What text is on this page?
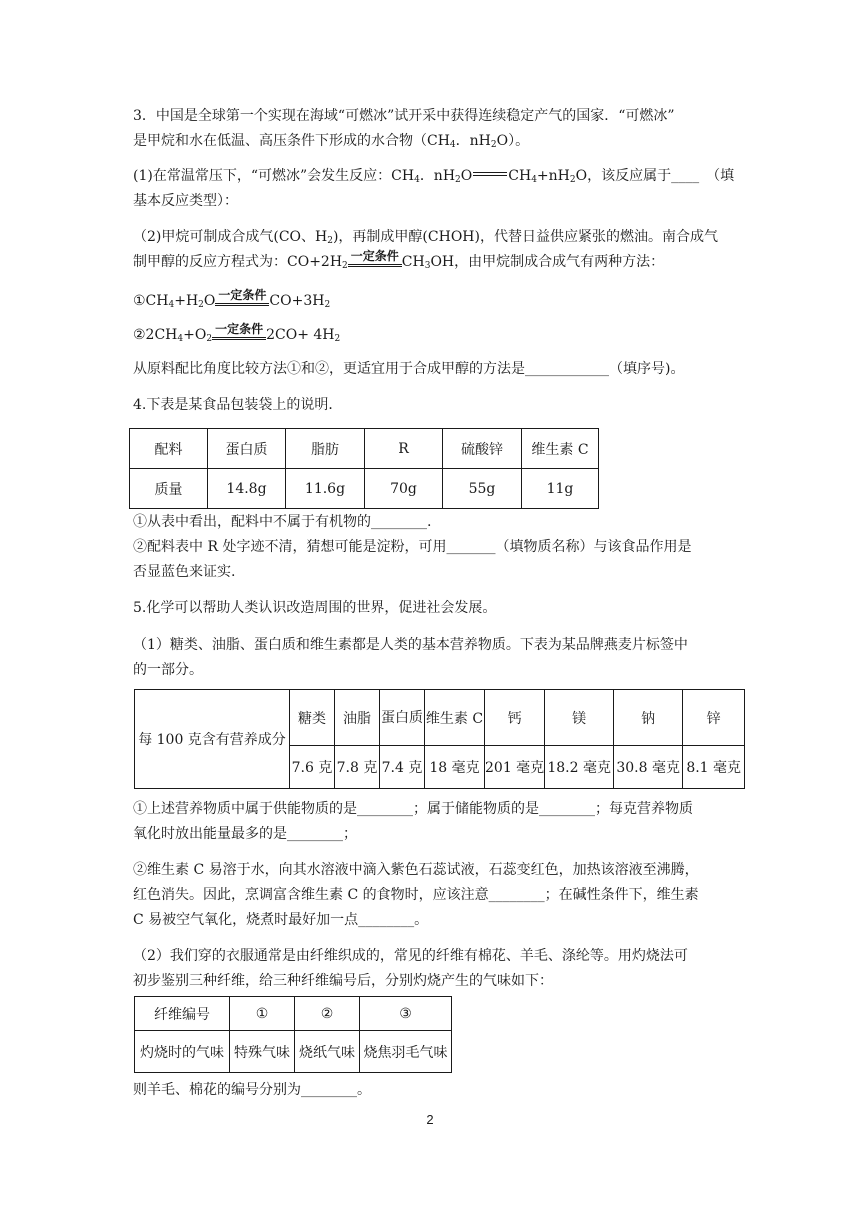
3．中国是全球第一个实现在海域“可燃冰”试开采中获得连续稳定产气的国家．“可燃冰”
是甲烷和水在低温、高压条件下形成的水合物（$CH_4$．$nH_2O$）。
(1)在常温常压下，“可燃冰”会发生反应：$CH_4$．$nH_2O$	$CH_4+nH_2O$，该反应属于____　（填
基本反应类型）：
（2)甲烷可制成合成气(CO、$H_2$)，再制成甲醇(CHOH)，代替日益供应紧张的燃油。南合成气
制甲醇的反应方程式为：$CO+2H_2$一定条件 $CH_3OH$，由甲烷制成合成气有两种方法：
$①CH_4+H_2O$ 一定条件 $CO+3H_2$
$②2CH_4+O_2$一定条件 $2CO+ 4H_2$
从原料配比角度比较方法①和②，更适宜用于合成甲醇的方法是____________（填序号)。
4.下表是某食品包装袋上的说明．
配料	蛋白质	脂肪	R	硫酸锌	维生素 C
质量	14.8g	11.6g	70g	55g	11g
①从表中看出，配料中不属于有机物的________.
②配料表中 R 处字迹不清，猜想可能是淀粉，可用_______（填物质名称）与该食品作用是
否显蓝色来证实.
5.化学可以帮助人类认识改造周围的世界，促进社会发展。
（1）糖类、油脂、蛋白质和维生素都是人类的基本营养物质。下表为某品牌燕麦片标签中
的一部分。
每 100 克含有营养成分	糖类	油脂	蛋白质	维生素 C	钙	镁	钠	锌
	7.6 克	7.8 克	7.4 克	18 毫克	201 毫克	18.2 毫克	30.8 毫克	8.1 毫克
①上述营养物质中属于供能物质的是________；属于储能物质的是________；每克营养物质
氧化时放出能量最多的是________；
②维生素 C 易溶于水，向其水溶液中滴入紫色石蕊试液，石蕊变红色，加热该溶液至沸腾，
红色消失。因此，烹调富含维生素 C 的食物时，应该注意________；在碱性条件下，维生素
C 易被空气氧化，烧煮时最好加一点________。
（2）我们穿的衣服通常是由纤维织成的，常见的纤维有棉花、羊毛、涤纶等。用灼烧法可
初步鉴别三种纤维，给三种纤维编号后，分别灼烧产生的气味如下：
纤维编号	①	②	③
灼烧时的气味	特殊气味	烧纸气味	烧焦羽毛气味
则羊毛、棉花的编号分别为________。
2
